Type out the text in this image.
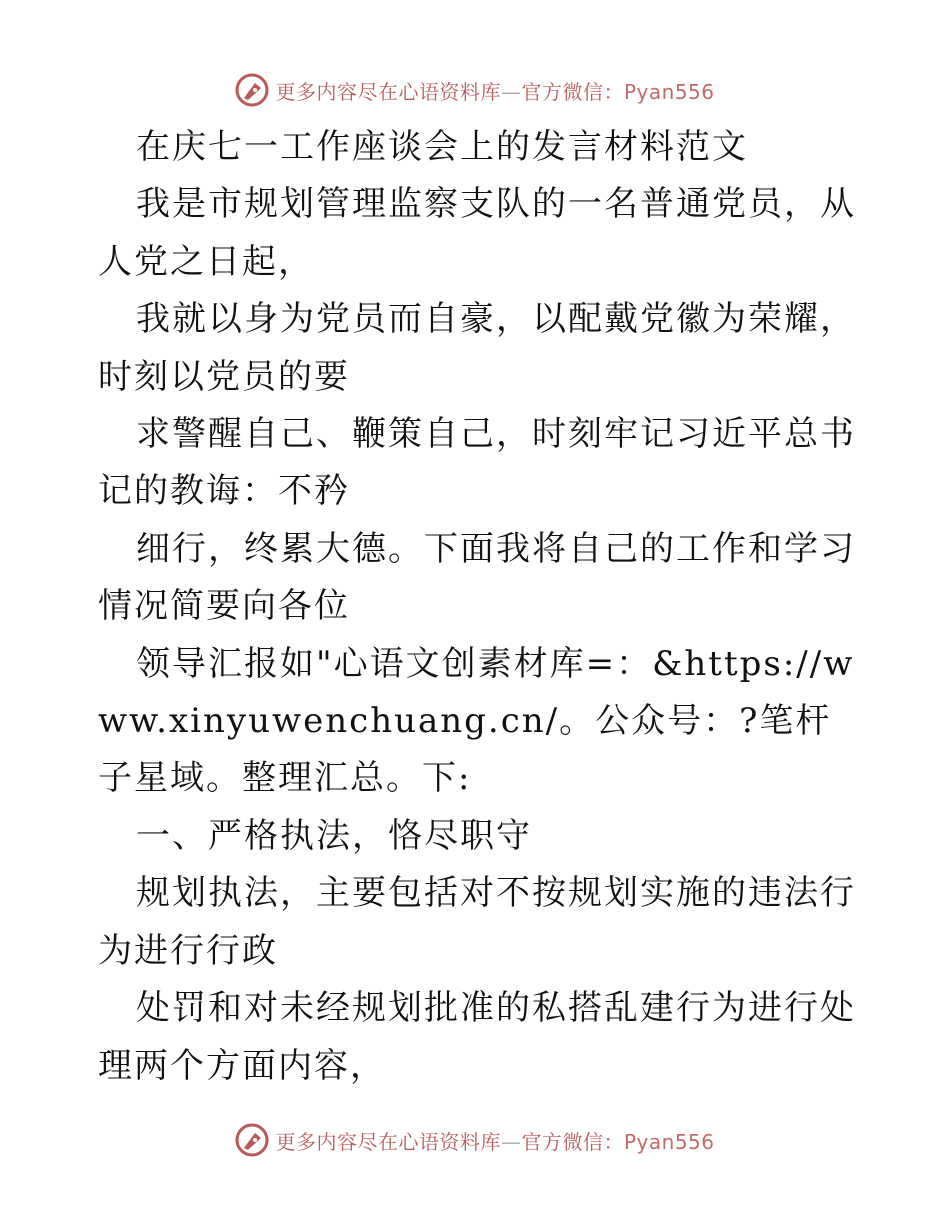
更多内容尽在心语资料库—官方微信：Pyan556

在庆七一工作座谈会上的发言材料范文

我是市规划管理监察支队的一名普通党员，从人党之日起，

我就以身为党员而自豪，以配戴党徽为荣耀，时刻以党员的要

求警醒自己、鞭策自己，时刻牢记习近平总书记的教诲：不矜

细行，终累大德。下面我将自己的工作和学习情况简要向各位

领导汇报如"心语文创素材库=：&https://www.xinyuwenchuang.cn/。公众号：?笔杆子星域。整理汇总。下:

一、严格执法，恪尽职守

规划执法，主要包括对不按规划实施的违法行为进行行政

处罚和对未经规划批准的私搭乱建行为进行处理两个方面内容，

更多内容尽在心语资料库—官方微信：Pyan556
